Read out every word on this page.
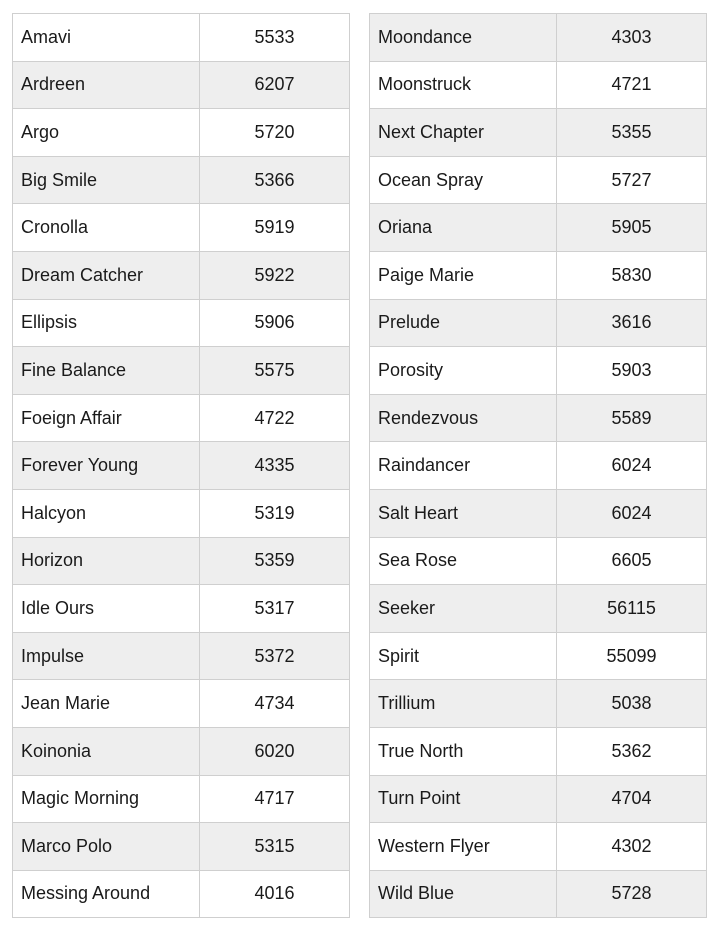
Amavi	5533
Ardreen	6207
Argo	5720
Big Smile	5366
Cronolla	5919
Dream Catcher	5922
Ellipsis	5906
Fine Balance	5575
Foeign Affair	4722
Forever Young	4335
Halcyon	5319
Horizon	5359
Idle Ours	5317
Impulse	5372
Jean Marie	4734
Koinonia	6020
Magic Morning	4717
Marco Polo	5315
Messing Around	4016
Moondance	4303
Moonstruck	4721
Next Chapter	5355
Ocean Spray	5727
Oriana	5905
Paige Marie	5830
Prelude	3616
Porosity	5903
Rendezvous	5589
Raindancer	6024
Salt Heart	6024
Sea Rose	6605
Seeker	56115
Spirit	55099
Trillium	5038
True North	5362
Turn Point	4704
Western Flyer	4302
Wild Blue	5728
